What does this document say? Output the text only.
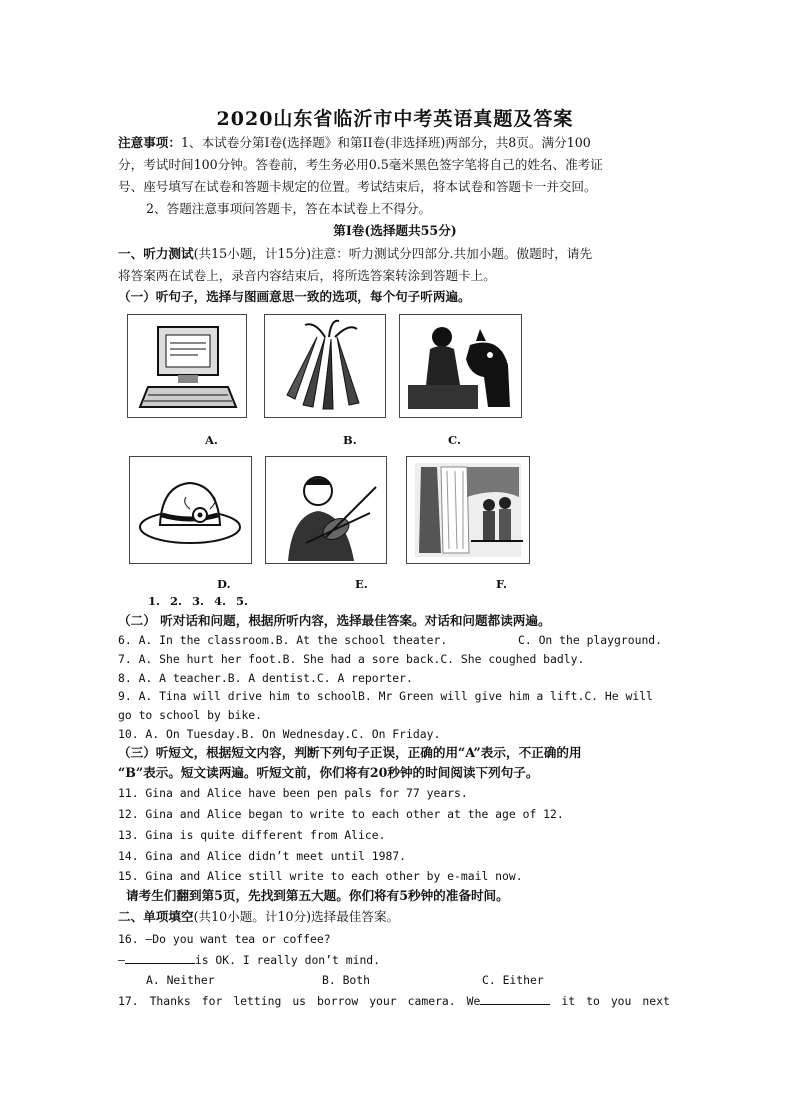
2020山东省临沂市中考英语真题及答案
注意事项：1、本试卷分第Ⅰ卷(选择题》和第II卷(非选择班)两部分，共8页。满分100
分，考试时间100分钟。答卷前，考生务必用0.5毫米黑色签字笔将自己的姓名、准考证
号、座号填写在试卷和答题卡规定的位置。考试结束后，将本试卷和答题卡一并交回。
2、答题注意事项问答题卡，答在本试卷上不得分。
第Ⅰ卷(选择题共55分)
一、听力测试(共15小题，计15分)注意：听力测试分四部分.共加小题。傲题时，请先
将答案两在试卷上，录音内容结束后，将所选答案转涂到答题卡上。
（一）听句子，选择与图画意思一致的选项，每个句子听两遍。
A.	B.	C.
D.	E.	F.
1. 2. 3. 4. 5.
（二） 听对话和问题，根据所听内容，选择最佳答案。对话和问题都读两遍。
6. A. In the classroom.B. At the school theater.	C. On the playground.
7. A. She hurt her foot.B. She had a sore back.C. She coughed badly.
8. A. A teacher.B. A dentist.C. A reporter.
9. A. Tina will drive him to schoolB. Mr Green will give him a lift.C. He will
go to school by bike.
10. A. On Tuesday.B. On Wednesday.C. On Friday.
（三）听短文，根据短文内容，判断下列句子正误，正确的用“A”表示，不正确的用
“B”表示。短文读两遍。听短文前，你们将有20秒钟的时间阅读下列句子。
11. Gina and Alice have been pen pals for 77 years.
12. Gina and Alice began to write to each other at the age of 12.
13. Gina is quite different from Alice.
14. Gina and Alice didn’t meet until 1987.
15. Gina and Alice still write to each other by e-mail now.
请考生们翻到第5页，先找到第五大题。你们将有5秒钟的准备时间。
二、单项填空(共10小题。计10分)选择最佳答案。
16. —Do you want tea or coffee?
—	is OK. I really don’t mind.
A. Neither	B. Both	C. Either
17. Thanks for letting us borrow your camera. We	it to you next
